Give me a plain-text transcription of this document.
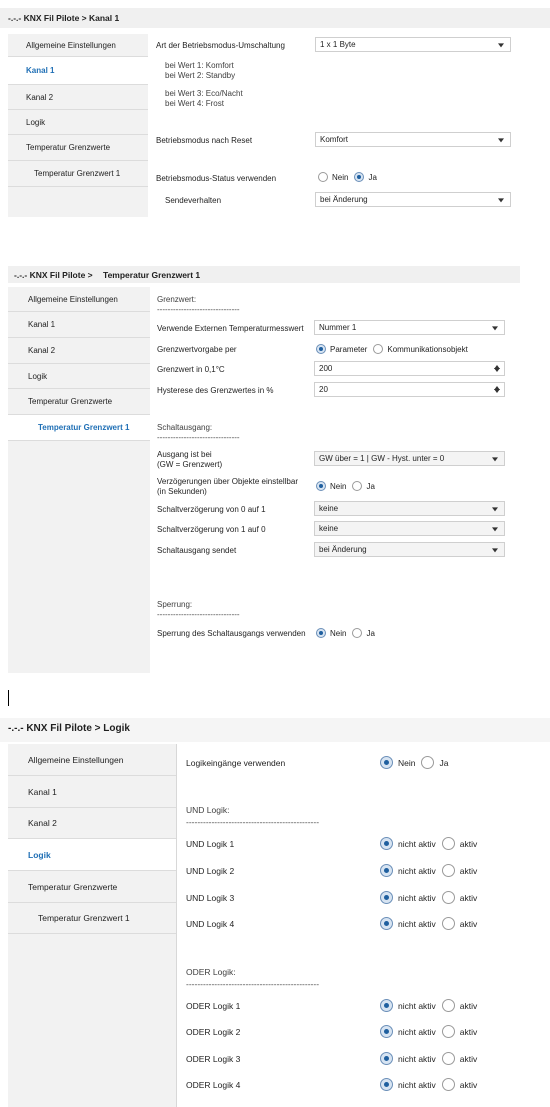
-.-.- KNX Fil Pilote > Kanal 1
Allgemeine Einstellungen
Kanal 1
Kanal 2
Logik
Temperatur Grenzwerte
Temperatur Grenzwert 1
Art der Betriebsmodus-Umschaltung	1 x 1 Byte
bei Wert 1: Komfort
bei Wert 2: Standby
bei Wert 3: Eco/Nacht
bei Wert 4: Frost
Betriebsmodus nach Reset	Komfort
Betriebsmodus-Status verwenden	Nein	Ja
Sendeverhalten	bei Änderung
-.-.- KNX Fil Pilote > Temperatur Grenzwert 1
Allgemeine Einstellungen
Kanal 1
Kanal 2
Logik
Temperatur Grenzwerte
Temperatur Grenzwert 1
Grenzwert:
-------------------------------
Verwende Externen Temperaturmesswert Nummer 1
Grenzwertvorgabe per	Parameter	Kommunikationsobjekt
Grenzwert in 0,1°C	200
Hysterese des Grenzwertes in %	20
Schaltausgang:
-------------------------------
Ausgang ist bei
(GW = Grenzwert)
GW über = 1 | GW - Hyst. unter = 0
Verzögerungen über Objekte einstellbar
(in Sekunden)
Nein	Ja
Schaltverzögerung von 0 auf 1	keine
Schaltverzögerung von 1 auf 0	keine
Schaltausgang sendet	bei Änderung
Sperrung:
-------------------------------
Sperrung des Schaltausgangs verwenden	Nein	Ja
-.-.- KNX Fil Pilote > Logik
Allgemeine Einstellungen
Kanal 1
Kanal 2
Logik
Temperatur Grenzwerte
Temperatur Grenzwert 1
Logikeingänge verwenden	Nein	Ja
UND Logik:
-----------------------------------------------
UND Logik 1	nicht aktiv	aktiv
UND Logik 2	nicht aktiv	aktiv
UND Logik 3	nicht aktiv	aktiv
UND Logik 4	nicht aktiv	aktiv
ODER Logik:
-----------------------------------------------
ODER Logik 1	nicht aktiv	aktiv
ODER Logik 2	nicht aktiv	aktiv
ODER Logik 3	nicht aktiv	aktiv
ODER Logik 4	nicht aktiv	aktiv
